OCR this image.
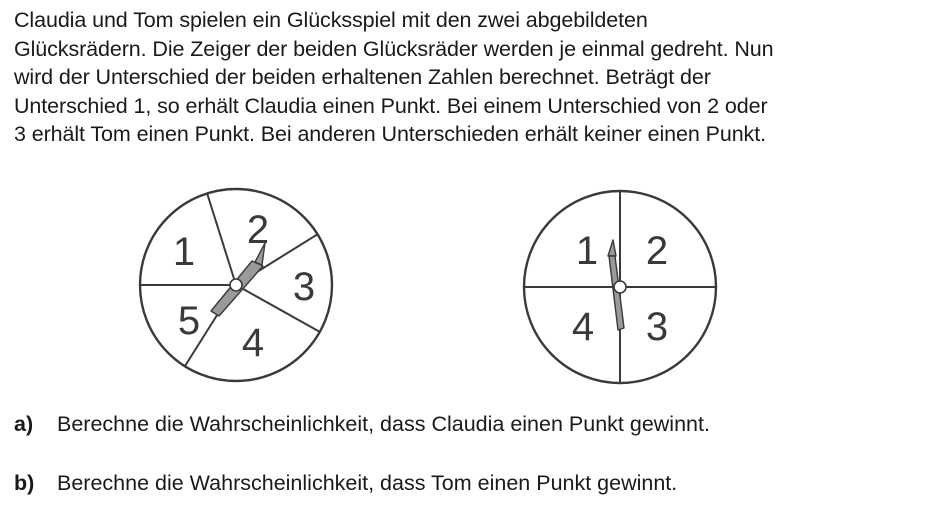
Claudia und Tom spielen ein Glücksspiel mit den zwei abgebildeten
Glücksrädern. Die Zeiger der beiden Glücksräder werden je einmal gedreht. Nun
wird der Unterschied der beiden erhaltenen Zahlen berechnet. Beträgt der
Unterschied 1, so erhält Claudia einen Punkt. Bei einem Unterschied von 2 oder
3 erhält Tom einen Punkt. Bei anderen Unterschieden erhält keiner einen Punkt.
1 2
3
4
5
1 2
3
4
a) Berechne die Wahrscheinlichkeit, dass Claudia einen Punkt gewinnt.
b) Berechne die Wahrscheinlichkeit, dass Tom einen Punkt gewinnt.
